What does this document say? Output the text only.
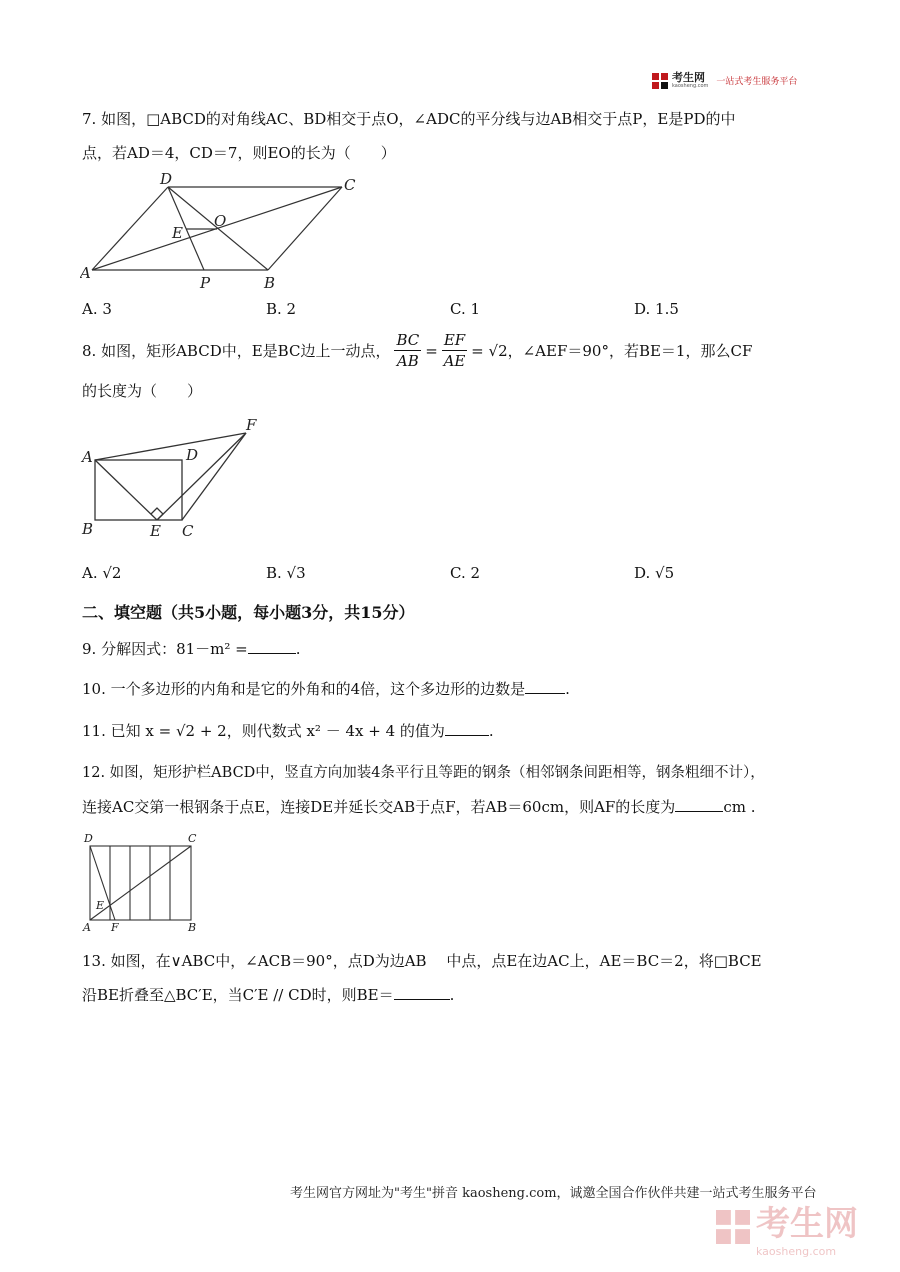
考生网
kaosheng.com 一站式考生服务平台
7. 如图，□ABCD的对角线AC、BD相交于点O，∠ADC的平分线与边AB相交于点P，E是PD的中
点，若AD＝4，CD＝7，则EO的长为（　　）
A
B
C
D
E
O
P
A. 3	B. 2	C. 1	D. 1.5
8. 如图，矩形ABCD中，E是BC边上一动点， $\frac{BC}{AB} = \frac{EF}{AE} = √2$，∠AEF＝90°，若BE＝1，那么CF
的长度为（　　）
A
B	C
D
E
F
A. √2	B. √3	C. 2	D. √5
二、填空题（共5小题，每小题3分，共15分）
9. 分解因式：81－m² =	.
10. 一个多边形的内角和是它的外角和的4倍，这个多边形的边数是	.
11. 已知 x = √2 + 2，则代数式 x² － 4x + 4 的值为	.
12. 如图，矩形护栏ABCD中，竖直方向加装4条平行且等距的钢条（相邻钢条间距相等，钢条粗细不计），
连接AC交第一根钢条于点E，连接DE并延长交AB于点F，若AB＝60cm，则AF的长度为	cm .
D	C
A	B
E
F
13. 如图，在∨ABC中，∠ACB＝90°，点D为边AB　 中点，点E在边AC上，AE＝BC＝2，将□BCE
沿BE折叠至△BC′E，当C′E // CD时，则BE＝	.
考生网官方网址为"考生"拼音 kaosheng.com，诚邀全国合作伙伴共建一站式考生服务平台
考生网
kaosheng.com
